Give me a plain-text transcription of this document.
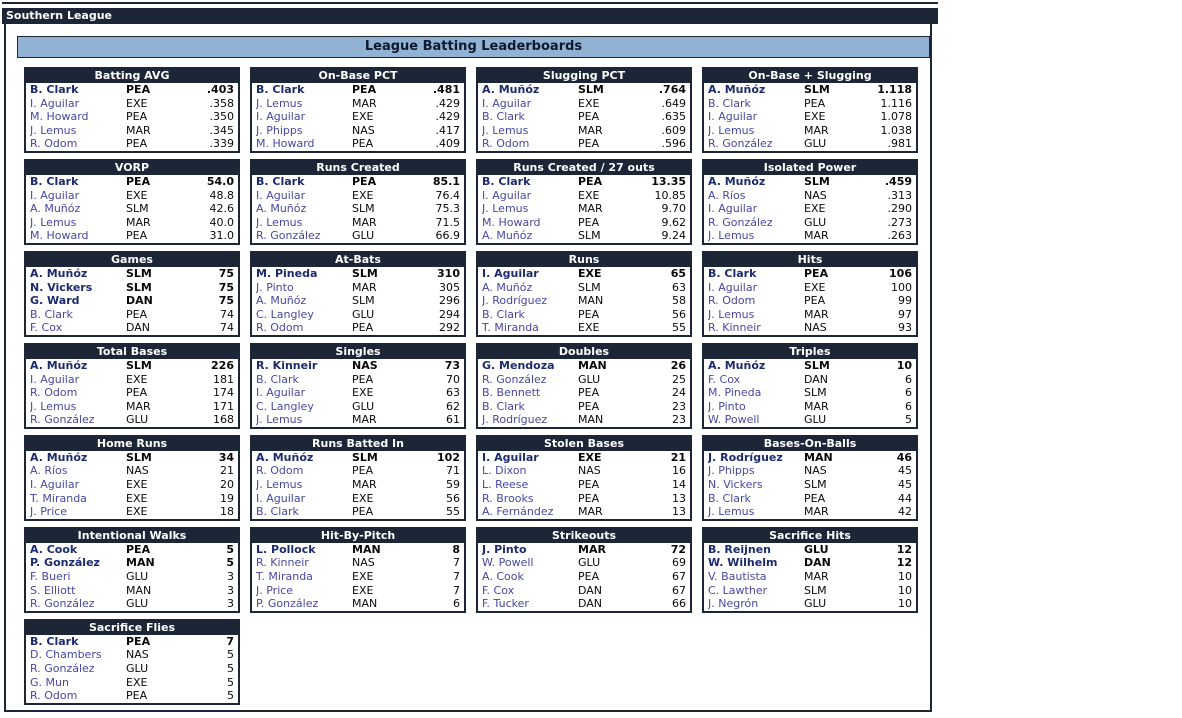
Southern League
League Batting Leaderboards
Batting AVG
B. Clark	PEA	.403
I. Aguilar	EXE	.358
M. Howard	PEA	.350
J. Lemus	MAR	.345
R. Odom	PEA	.339
On-Base PCT
B. Clark	PEA	.481
J. Lemus	MAR	.429
I. Aguilar	EXE	.429
J. Phipps	NAS	.417
M. Howard	PEA	.409
Slugging PCT
A. Muñóz	SLM	.764
I. Aguilar	EXE	.649
B. Clark	PEA	.635
J. Lemus	MAR	.609
R. Odom	PEA	.596
On-Base + Slugging
A. Muñóz	SLM	1.118
B. Clark	PEA	1.116
I. Aguilar	EXE	1.078
J. Lemus	MAR	1.038
R. González	GLU	.981
VORP
B. Clark	PEA	54.0
I. Aguilar	EXE	48.8
A. Muñóz	SLM	42.6
J. Lemus	MAR	40.0
M. Howard	PEA	31.0
Runs Created
B. Clark	PEA	85.1
I. Aguilar	EXE	76.4
A. Muñóz	SLM	75.3
J. Lemus	MAR	71.5
R. González	GLU	66.9
Runs Created / 27 outs
B. Clark	PEA	13.35
I. Aguilar	EXE	10.85
J. Lemus	MAR	9.70
M. Howard	PEA	9.62
A. Muñóz	SLM	9.24
Isolated Power
A. Muñóz	SLM	.459
A. Ríos	NAS	.313
I. Aguilar	EXE	.290
R. González	GLU	.273
J. Lemus	MAR	.263
Games
A. Muñóz	SLM	75
N. Vickers	SLM	75
G. Ward	DAN	75
B. Clark	PEA	74
F. Cox	DAN	74
At-Bats
M. Pineda	SLM	310
J. Pinto	MAR	305
A. Muñóz	SLM	296
C. Langley	GLU	294
R. Odom	PEA	292
Runs
I. Aguilar	EXE	65
A. Muñóz	SLM	63
J. Rodríguez	MAN	58
B. Clark	PEA	56
T. Miranda	EXE	55
Hits
B. Clark	PEA	106
I. Aguilar	EXE	100
R. Odom	PEA	99
J. Lemus	MAR	97
R. Kinneir	NAS	93
Total Bases
A. Muñóz	SLM	226
I. Aguilar	EXE	181
R. Odom	PEA	174
J. Lemus	MAR	171
R. González	GLU	168
Singles
R. Kinneir	NAS	73
B. Clark	PEA	70
I. Aguilar	EXE	63
C. Langley	GLU	62
J. Lemus	MAR	61
Doubles
G. Mendoza	MAN	26
R. González	GLU	25
B. Bennett	PEA	24
B. Clark	PEA	23
J. Rodríguez	MAN	23
Triples
A. Muñóz	SLM	10
F. Cox	DAN	6
M. Pineda	SLM	6
J. Pinto	MAR	6
W. Powell	GLU	5
Home Runs
A. Muñóz	SLM	34
A. Ríos	NAS	21
I. Aguilar	EXE	20
T. Miranda	EXE	19
J. Price	EXE	18
Runs Batted In
A. Muñóz	SLM	102
R. Odom	PEA	71
J. Lemus	MAR	59
I. Aguilar	EXE	56
B. Clark	PEA	55
Stolen Bases
I. Aguilar	EXE	21
L. Dixon	NAS	16
L. Reese	PEA	14
R. Brooks	PEA	13
A. Fernández	MAR	13
Bases-On-Balls
J. Rodríguez	MAN	46
J. Phipps	NAS	45
N. Vickers	SLM	45
B. Clark	PEA	44
J. Lemus	MAR	42
Intentional Walks
A. Cook	PEA	5
P. González	MAN	5
F. Bueri	GLU	3
S. Elliott	MAN	3
R. González	GLU	3
Hit-By-Pitch
L. Pollock	MAN	8
R. Kinneir	NAS	7
T. Miranda	EXE	7
J. Price	EXE	7
P. González	MAN	6
Strikeouts
J. Pinto	MAR	72
W. Powell	GLU	69
A. Cook	PEA	67
F. Cox	DAN	67
F. Tucker	DAN	66
Sacrifice Hits
B. Reijnen	GLU	12
W. Wilhelm	DAN	12
V. Bautista	MAR	10
C. Lawther	SLM	10
J. Negrón	GLU	10
Sacrifice Flies
B. Clark	PEA	7
D. Chambers	NAS	5
R. González	GLU	5
G. Mun	EXE	5
R. Odom	PEA	5
